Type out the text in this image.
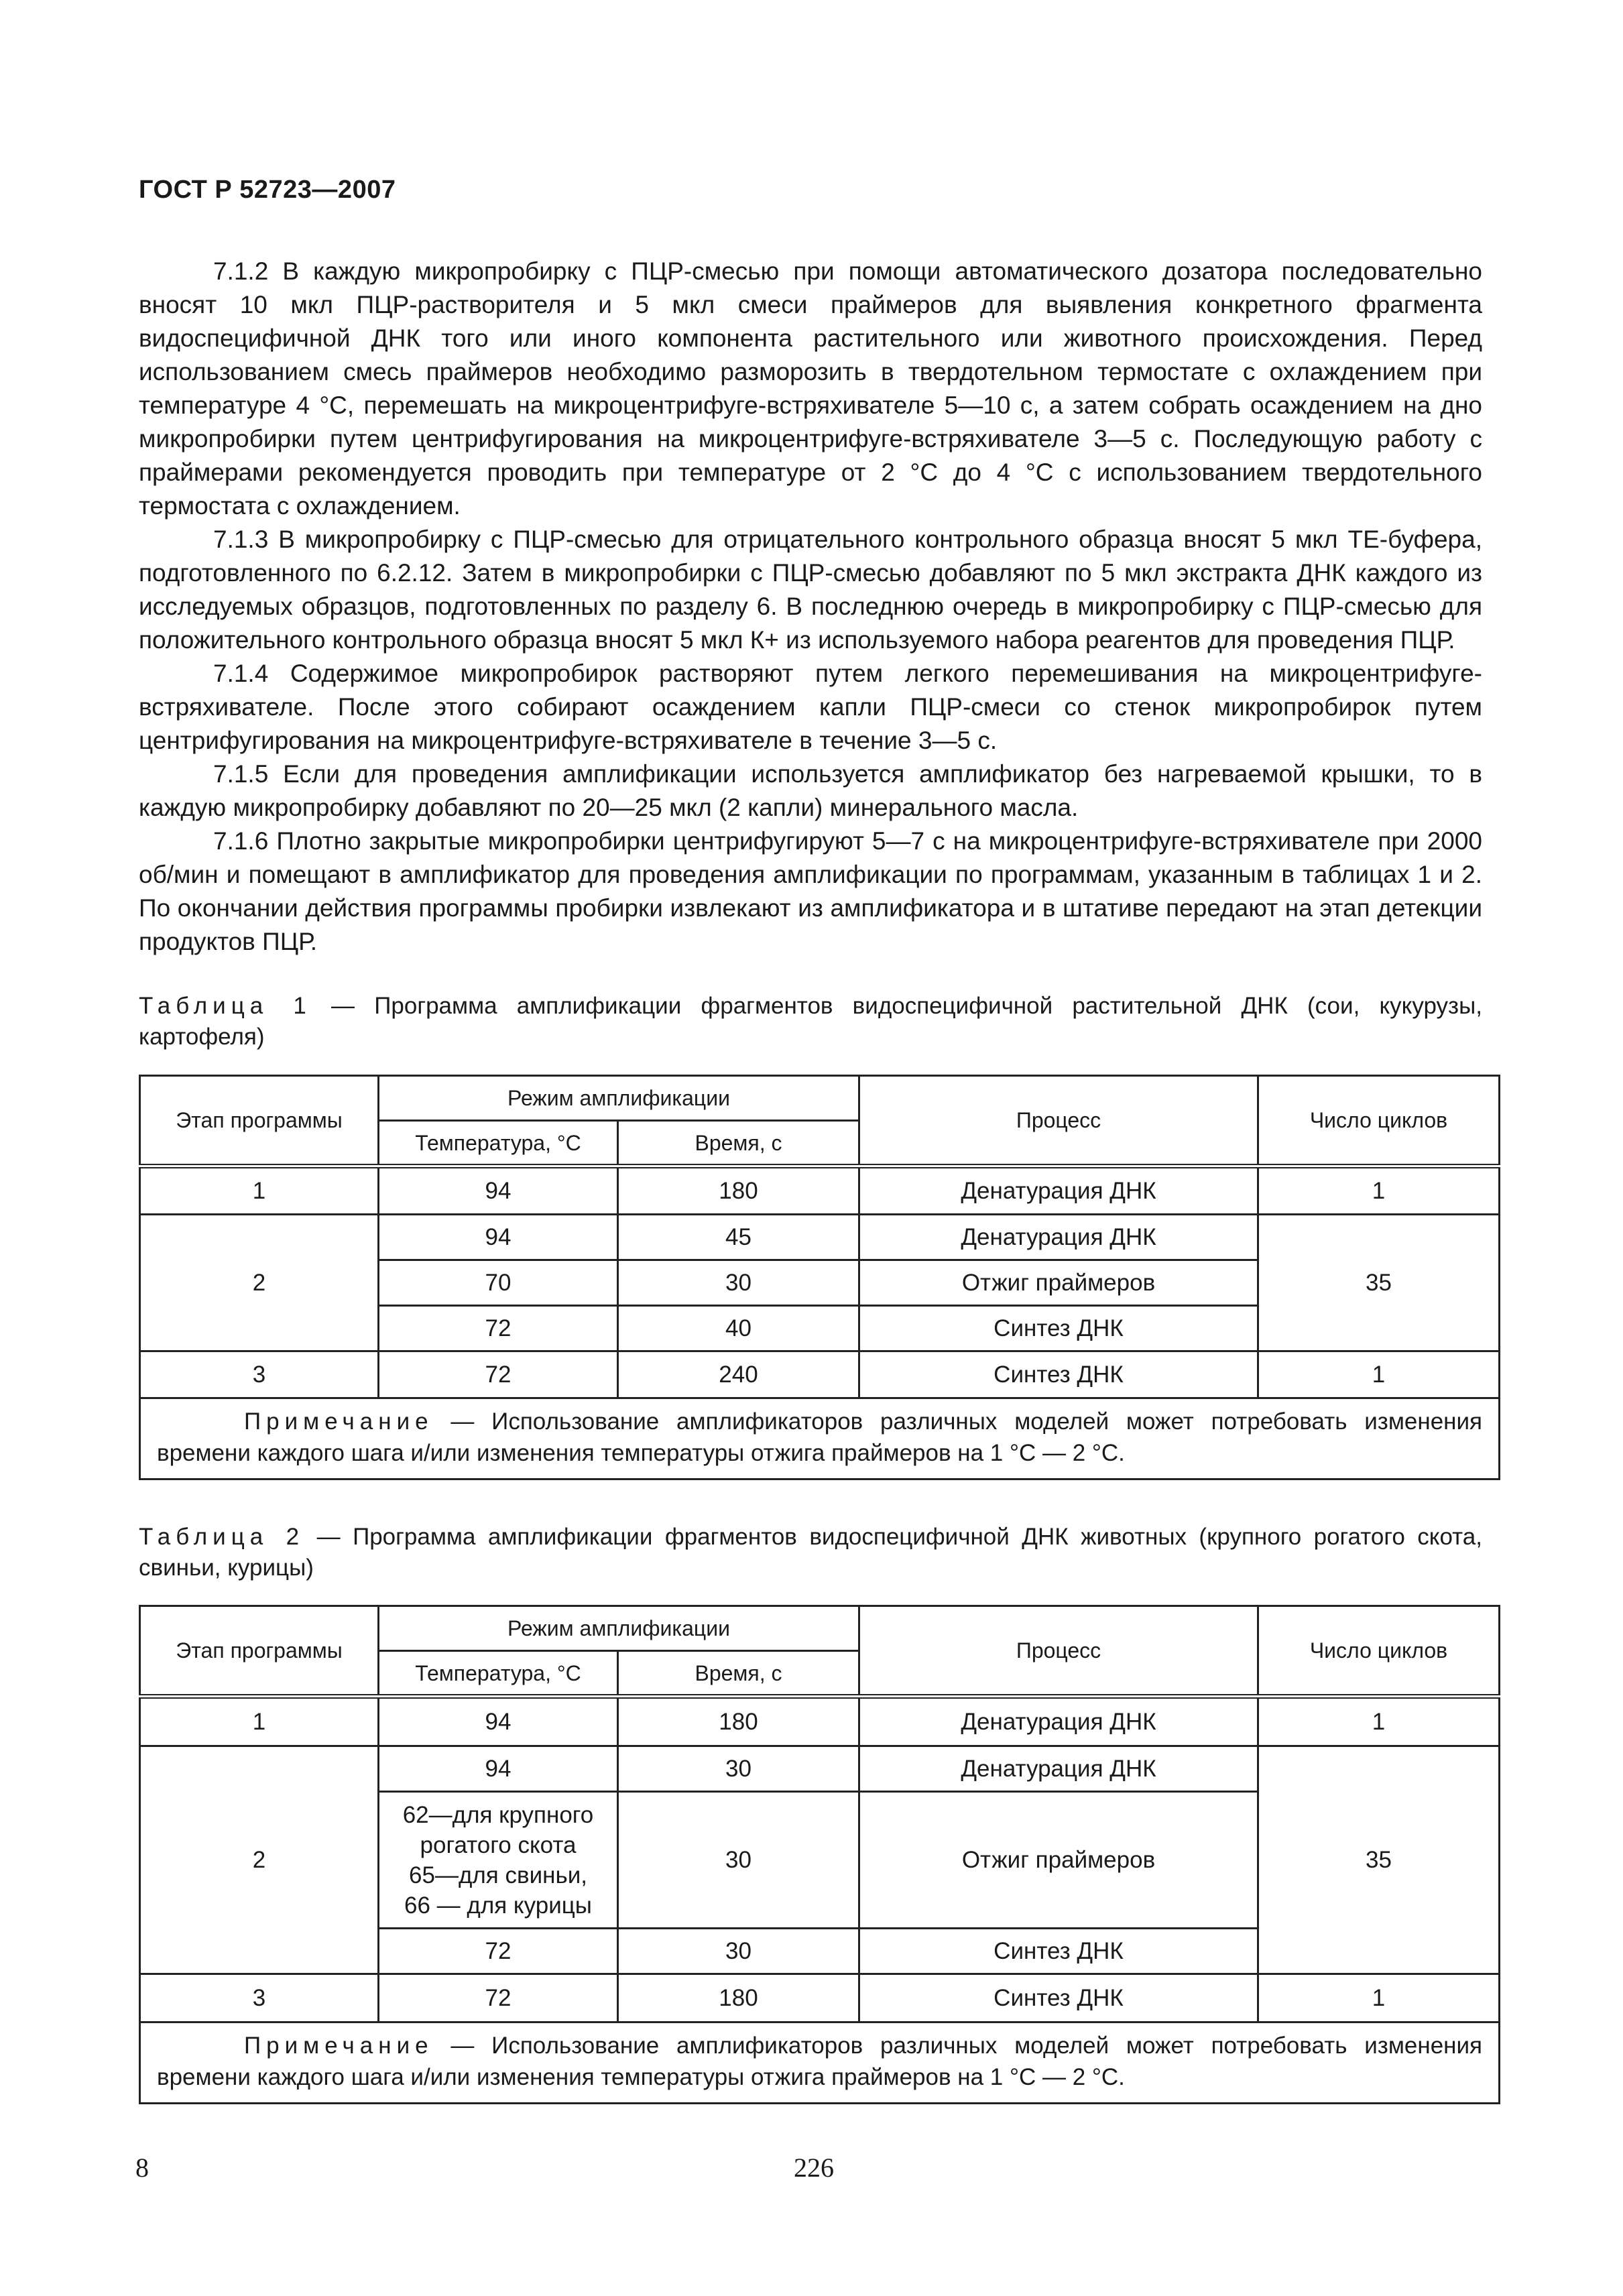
ГОСТ Р 52723—2007

7.1.2 В каждую микропробирку с ПЦР-смесью при помощи автоматического дозатора последовательно вносят 10 мкл ПЦР-растворителя и 5 мкл смеси праймеров для выявления конкретного фрагмента видоспецифичной ДНК того или иного компонента растительного или животного происхождения. Перед использованием смесь праймеров необходимо разморозить в твердотельном термостате с охлаждением при температуре 4 °С, перемешать на микроцентрифуге-встряхивателе 5—10 с, а затем собрать осаждением на дно микропробирки путем центрифугирования на микроцентрифуге-встряхивателе 3—5 с. Последующую работу с праймерами рекомендуется проводить при температуре от 2 °С до 4 °С с использованием твердотельного термостата с охлаждением.

7.1.3 В микропробирку с ПЦР-смесью для отрицательного контрольного образца вносят 5 мкл ТЕ-буфера, подготовленного по 6.2.12. Затем в микропробирки с ПЦР-смесью добавляют по 5 мкл экстракта ДНК каждого из исследуемых образцов, подготовленных по разделу 6. В последнюю очередь в микропробирку с ПЦР-смесью для положительного контрольного образца вносят 5 мкл К+ из используемого набора реагентов для проведения ПЦР.

7.1.4 Содержимое микропробирок растворяют путем легкого перемешивания на микроцентрифуге-встряхивателе. После этого собирают осаждением капли ПЦР-смеси со стенок микропробирок путем центрифугирования на микроцентрифуге-встряхивателе в течение 3—5 с.

7.1.5 Если для проведения амплификации используется амплификатор без нагреваемой крышки, то в каждую микропробирку добавляют по 20—25 мкл (2 капли) минерального масла.

7.1.6 Плотно закрытые микропробирки центрифугируют 5—7 с на микроцентрифуге-встряхивателе при 2000 об/мин и помещают в амплификатор для проведения амплификации по программам, указанным в таблицах 1 и 2. По окончании действия программы пробирки извлекают из амплификатора и в штативе передают на этап детекции продуктов ПЦР.

Таблица 1 — Программа амплификации фрагментов видоспецифичной растительной ДНК (сои, кукурузы, картофеля)
Этап программы	Режим амплификации		Процесс	Число циклов
	Температура, °С	Время, с		
1	94	180	Денатурация ДНК	1
2	94	45	Денатурация ДНК	35
	70	30	Отжиг праймеров	
	72	40	Синтез ДНК	
3	72	240	Синтез ДНК	1
Примечание — Использование амплификаторов различных моделей может потребовать изменения времени каждого шага и/или изменения температуры отжига праймеров на 1 °С — 2 °С.				
Таблица 2 — Программа амплификации фрагментов видоспецифичной ДНК животных (крупного рогатого скота, свиньи, курицы)
Этап программы	Режим амплификации		Процесс	Число циклов
	Температура, °С	Время, с		
1	94	180	Денатурация ДНК	1
2	94	30	Денатурация ДНК	35

	62—для крупного
рогатого скота
65—для свиньи,
66 — для курицы	30	Отжиг праймеров	
	72	30	Синтез ДНК	
3	72	180	Синтез ДНК	1
Примечание — Использование амплификаторов различных моделей может потребовать изменения времени каждого шага и/или изменения температуры отжига праймеров на 1 °С — 2 °С.				
8	226
